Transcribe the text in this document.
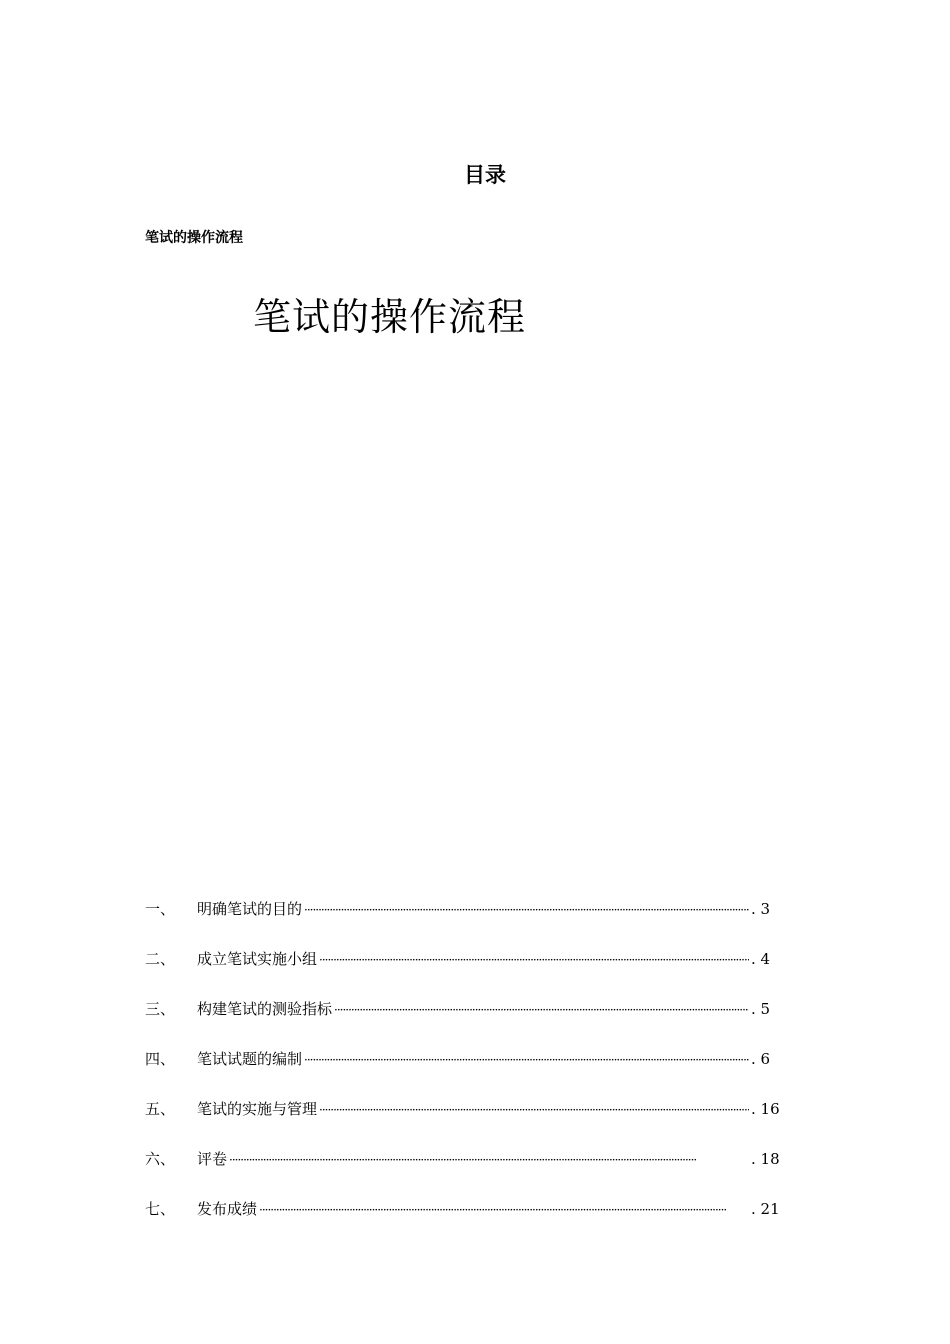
目录
笔试的操作流程
笔试的操作流程
一、	明确笔试的目的 ·····	. 3
二、	成立笔试实施小组 ·····	. 4
三、	构建笔试的测验指标 ·····	. 5
四、	笔试试题的编制 ·····	. 6
五、	笔试的实施与管理 ·····	. 16
六、	评卷 ·····	. 18
七、	发布成绩 ·····	. 21
